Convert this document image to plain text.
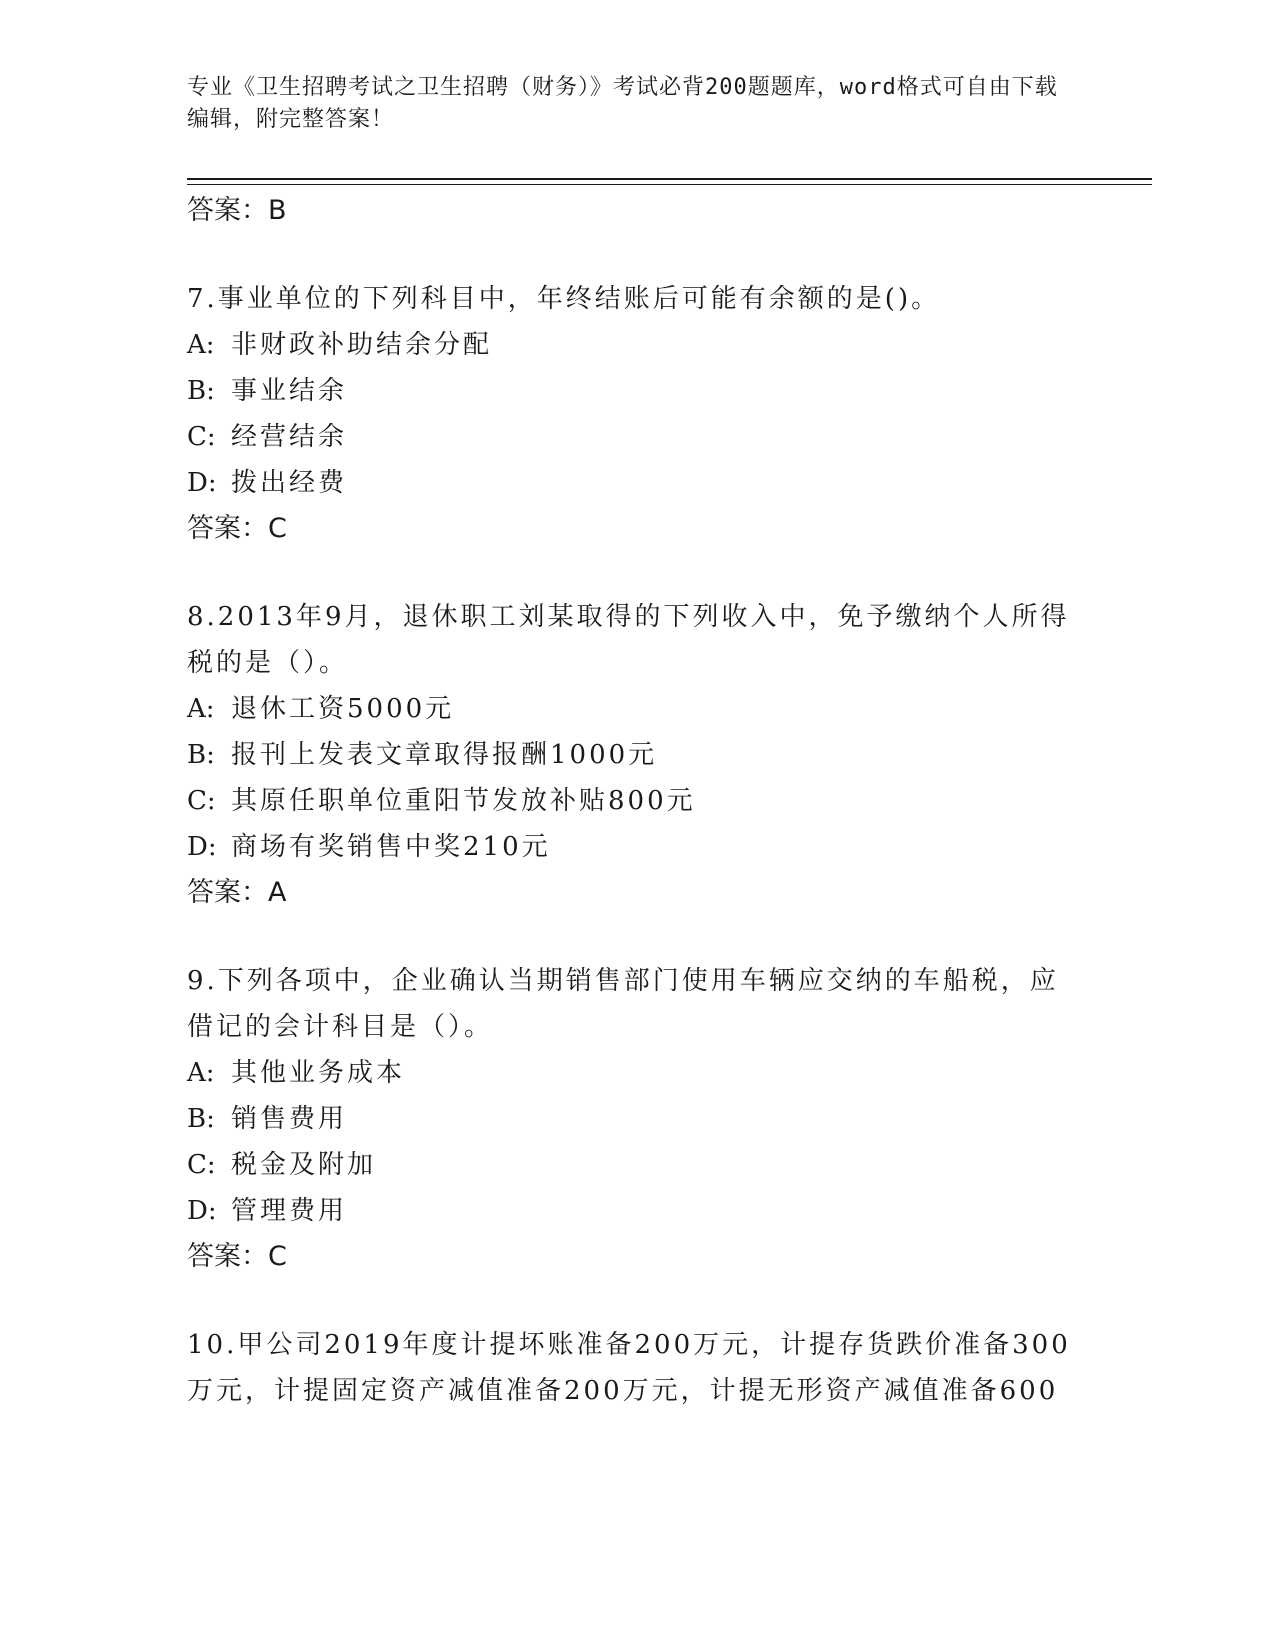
专业《卫生招聘考试之卫生招聘（财务）》考试必背200题题库，word格式可自由下载编辑，附完整答案！
答案：B
7.事业单位的下列科目中，年终结账后可能有余额的是()。
A: 非财政补助结余分配
B: 事业结余
C: 经营结余
D: 拨出经费
答案：C
8.2013年9月，退休职工刘某取得的下列收入中，免予缴纳个人所得税的是（）。
A: 退休工资5000元
B: 报刊上发表文章取得报酬1000元
C: 其原任职单位重阳节发放补贴800元
D: 商场有奖销售中奖210元
答案：A
9.下列各项中，企业确认当期销售部门使用车辆应交纳的车船税，应借记的会计科目是（）。
A: 其他业务成本
B: 销售费用
C: 税金及附加
D: 管理费用
答案：C
10.甲公司2019年度计提坏账准备200万元，计提存货跌价准备300万元，计提固定资产减值准备200万元，计提无形资产减值准备600
